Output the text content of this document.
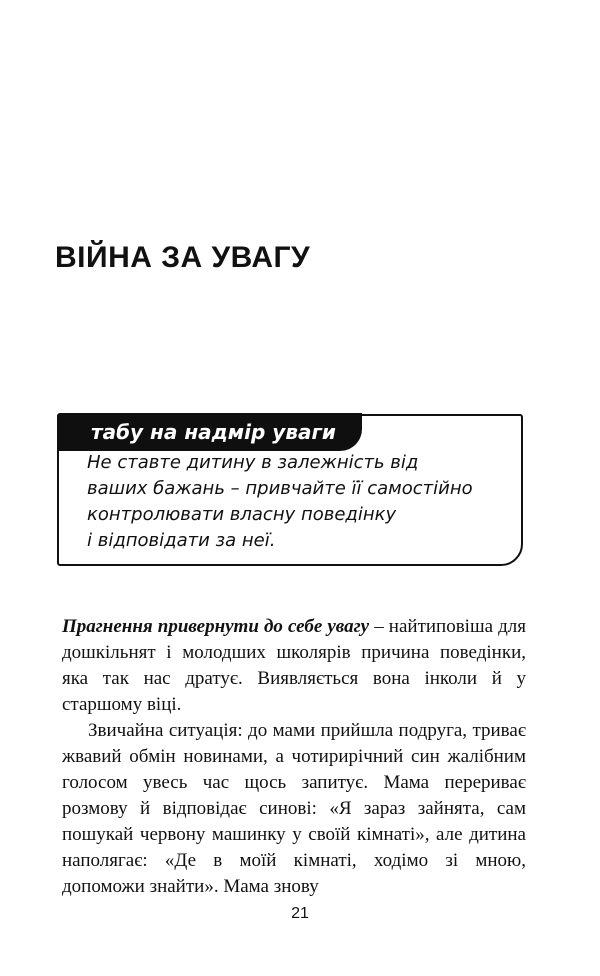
ВІЙНА ЗА УВАГУ
табу на надмір уваги

Не ставте дитину в залежність від
ваших бажань – привчайте її самостійно
контролювати власну поведінку
і відповідати за неї.

Прагнення привернути до себе увагу – найтиповіша для дошкільнят і молодших школярів причина поведінки, яка так нас дратує. Виявляється вона інколи й у старшому віці.

Звичайна ситуація: до мами прийшла подруга, триває жвавий обмін новинами, а чотирирічний син жалібним голосом увесь час щось запитує. Мама перериває розмову й відповідає синові: «Я зараз зайнята, сам пошукай червону машинку у своїй кімнаті», але дитина наполягає: «Де в моїй кімнаті, ходімо зі мною, допоможи знайти». Мама знову

21
